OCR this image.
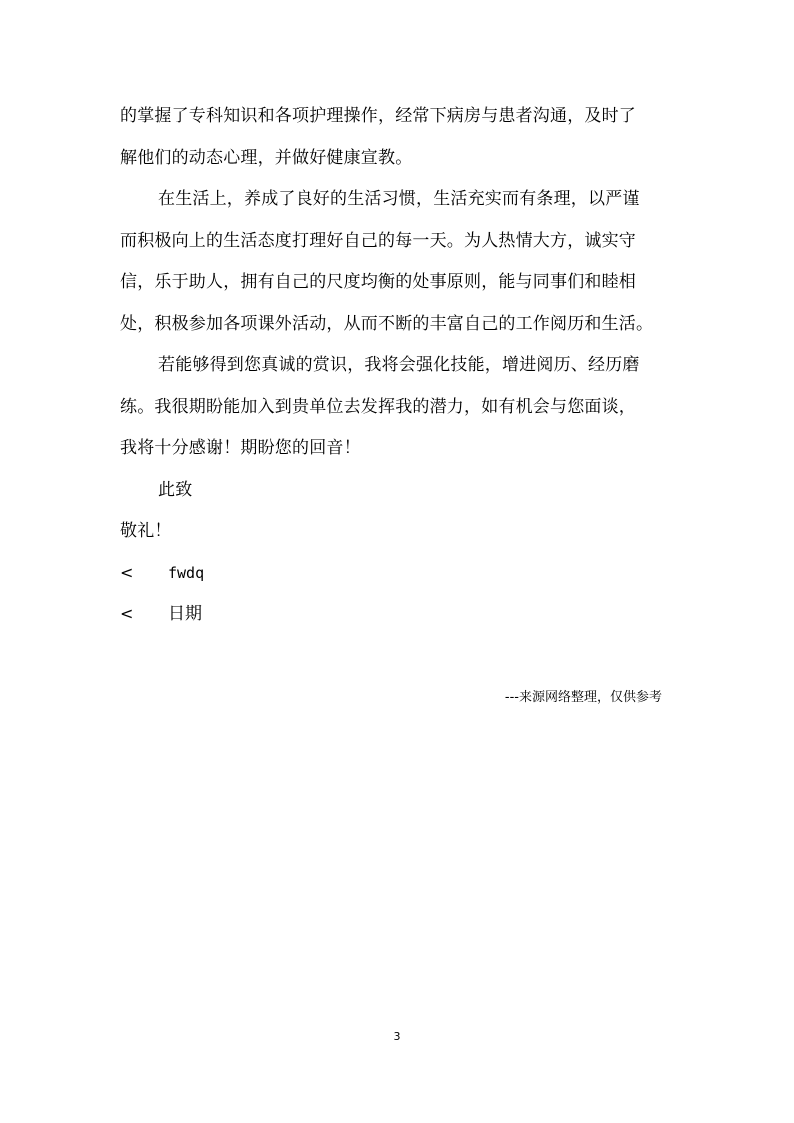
的掌握了专科知识和各项护理操作，经常下病房与患者沟通，及时了
解他们的动态心理，并做好健康宣教。
在生活上，养成了良好的生活习惯，生活充实而有条理，以严谨
而积极向上的生活态度打理好自己的每一天。为人热情大方，诚实守
信，乐于助人，拥有自己的尺度均衡的处事原则，能与同事们和睦相
处，积极参加各项课外活动，从而不断的丰富自己的工作阅历和生活。
若能够得到您真诚的赏识，我将会强化技能，增进阅历、经历磨
练。我很期盼能加入到贵单位去发挥我的潜力，如有机会与您面谈，
我将十分感谢！期盼您的回音！
此致
敬礼！
< fwdq
< 日期
---来源网络整理，仅供参考
3
